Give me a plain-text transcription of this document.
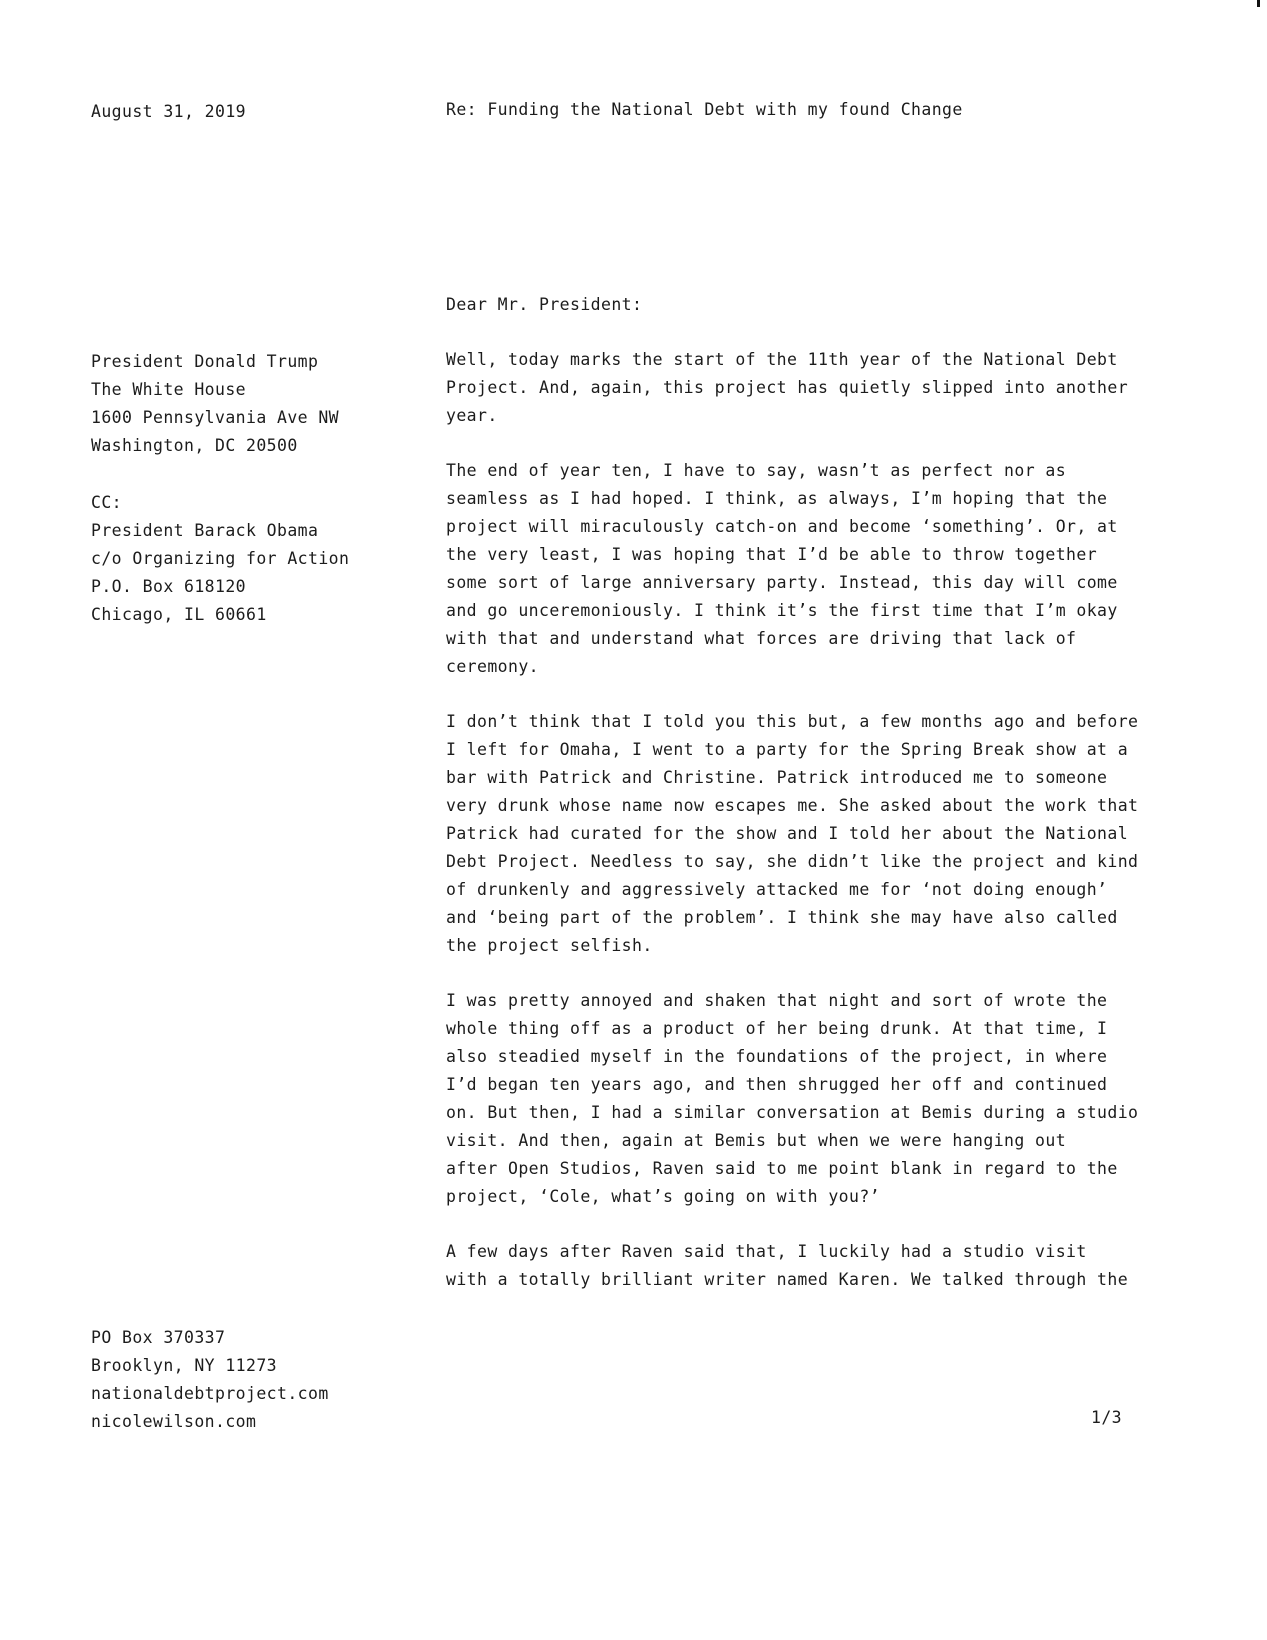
August 31, 2019	Re: Funding the National Debt with my found Change

Dear Mr. President:

President Donald Trump
The White House
1600 Pennsylvania Ave NW
Washington, DC 20500
CC:
President Barack Obama
c/o Organizing for Action
P.O. Box 618120
Chicago, IL 60661
Well, today marks the start of the 11th year of the National Debt
Project. And, again, this project has quietly slipped into another
year.
The end of year ten, I have to say, wasn’t as perfect nor as
seamless as I had hoped. I think, as always, I’m hoping that the
project will miraculously catch-on and become ‘something’. Or, at
the very least, I was hoping that I’d be able to throw together
some sort of large anniversary party. Instead, this day will come
and go unceremoniously. I think it’s the first time that I’m okay
with that and understand what forces are driving that lack of
ceremony.
I don’t think that I told you this but, a few months ago and before
I left for Omaha, I went to a party for the Spring Break show at a
bar with Patrick and Christine. Patrick introduced me to someone
very drunk whose name now escapes me. She asked about the work that
Patrick had curated for the show and I told her about the National
Debt Project. Needless to say, she didn’t like the project and kind
of drunkenly and aggressively attacked me for ‘not doing enough’
and ‘being part of the problem’. I think she may have also called
the project selfish.
I was pretty annoyed and shaken that night and sort of wrote the
whole thing off as a product of her being drunk. At that time, I
also steadied myself in the foundations of the project, in where
I’d began ten years ago, and then shrugged her off and continued
on. But then, I had a similar conversation at Bemis during a studio
visit. And then, again at Bemis but when we were hanging out
after Open Studios, Raven said to me point blank in regard to the
project, ‘Cole, what’s going on with you?’
A few days after Raven said that, I luckily had a studio visit
with a totally brilliant writer named Karen. We talked through the
PO Box 370337
Brooklyn, NY 11273
nationaldebtproject.com
nicolewilson.com	1/3
